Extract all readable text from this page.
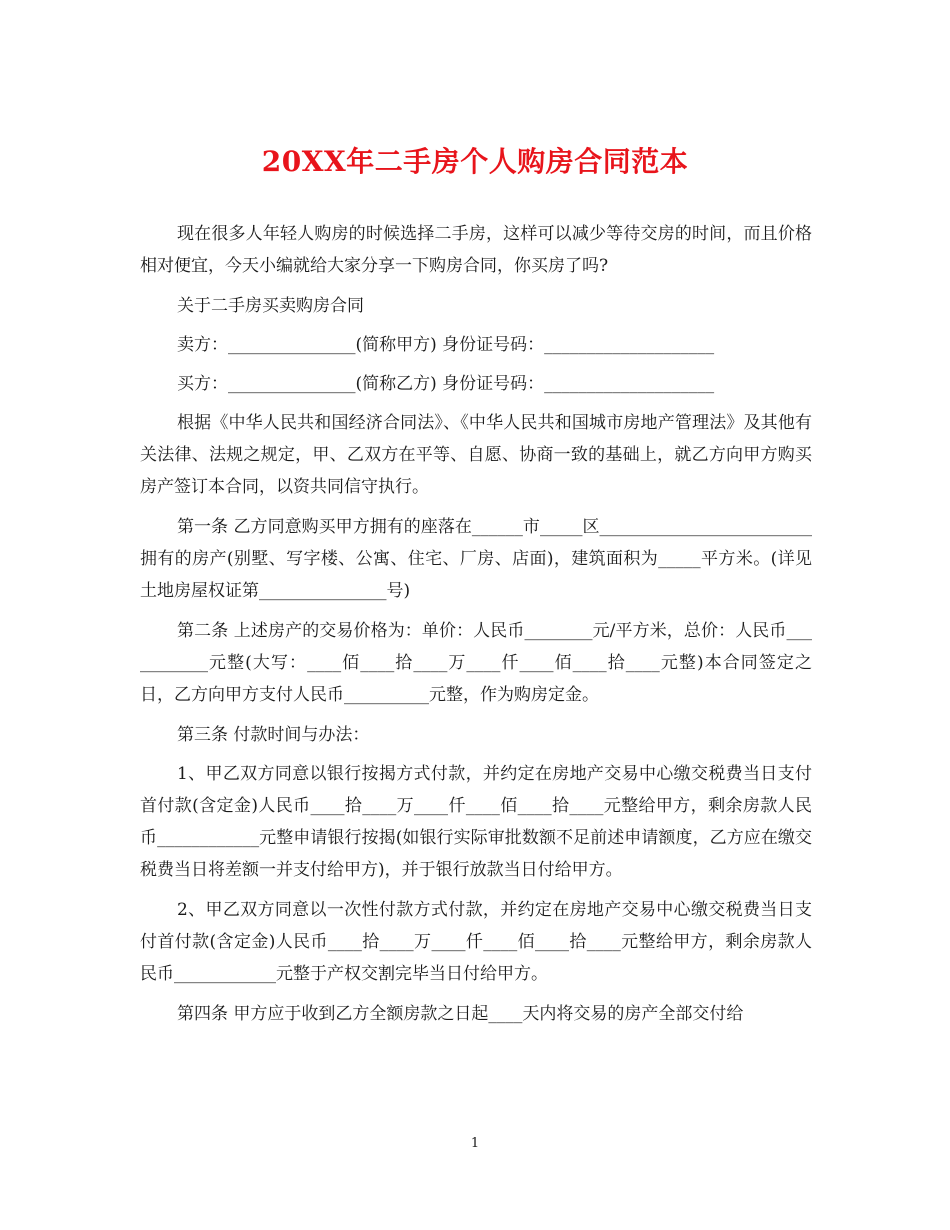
20XX年二手房个人购房合同范本

现在很多人年轻人购房的时候选择二手房，这样可以减少等待交房的时间，而且价格相对便宜，今天小编就给大家分享一下购房合同，你买房了吗?

关于二手房买卖购房合同

卖方：_______________(简称甲方) 身份证号码：____________________

买方：_______________(简称乙方) 身份证号码：____________________

根据《中华人民共和国经济合同法》、《中华人民共和国城市房地产管理法》及其他有关法律、法规之规定，甲、乙双方在平等、自愿、协商一致的基础上，就乙方向甲方购买房产签订本合同，以资共同信守执行。

第一条 乙方同意购买甲方拥有的座落在______市_____区_________________________拥有的房产(别墅、写字楼、公寓、住宅、厂房、店面)，建筑面积为_____平方米。(详见土地房屋权证第_______________号)

第二条 上述房产的交易价格为：单价：人民币________元/平方米，总价：人民币___________元整(大写：____佰____拾____万____仟____佰____拾____元整)本合同签定之日，乙方向甲方支付人民币__________元整，作为购房定金。

第三条 付款时间与办法：

1、甲乙双方同意以银行按揭方式付款，并约定在房地产交易中心缴交税费当日支付首付款(含定金)人民币____拾____万____仟____佰____拾____元整给甲方，剩余房款人民币____________元整申请银行按揭(如银行实际审批数额不足前述申请额度，乙方应在缴交税费当日将差额一并支付给甲方)，并于银行放款当日付给甲方。

2、甲乙双方同意以一次性付款方式付款，并约定在房地产交易中心缴交税费当日支付首付款(含定金)人民币____拾____万____仟____佰____拾____元整给甲方，剩余房款人民币____________元整于产权交割完毕当日付给甲方。

第四条 甲方应于收到乙方全额房款之日起____天内将交易的房产全部交付给

1
